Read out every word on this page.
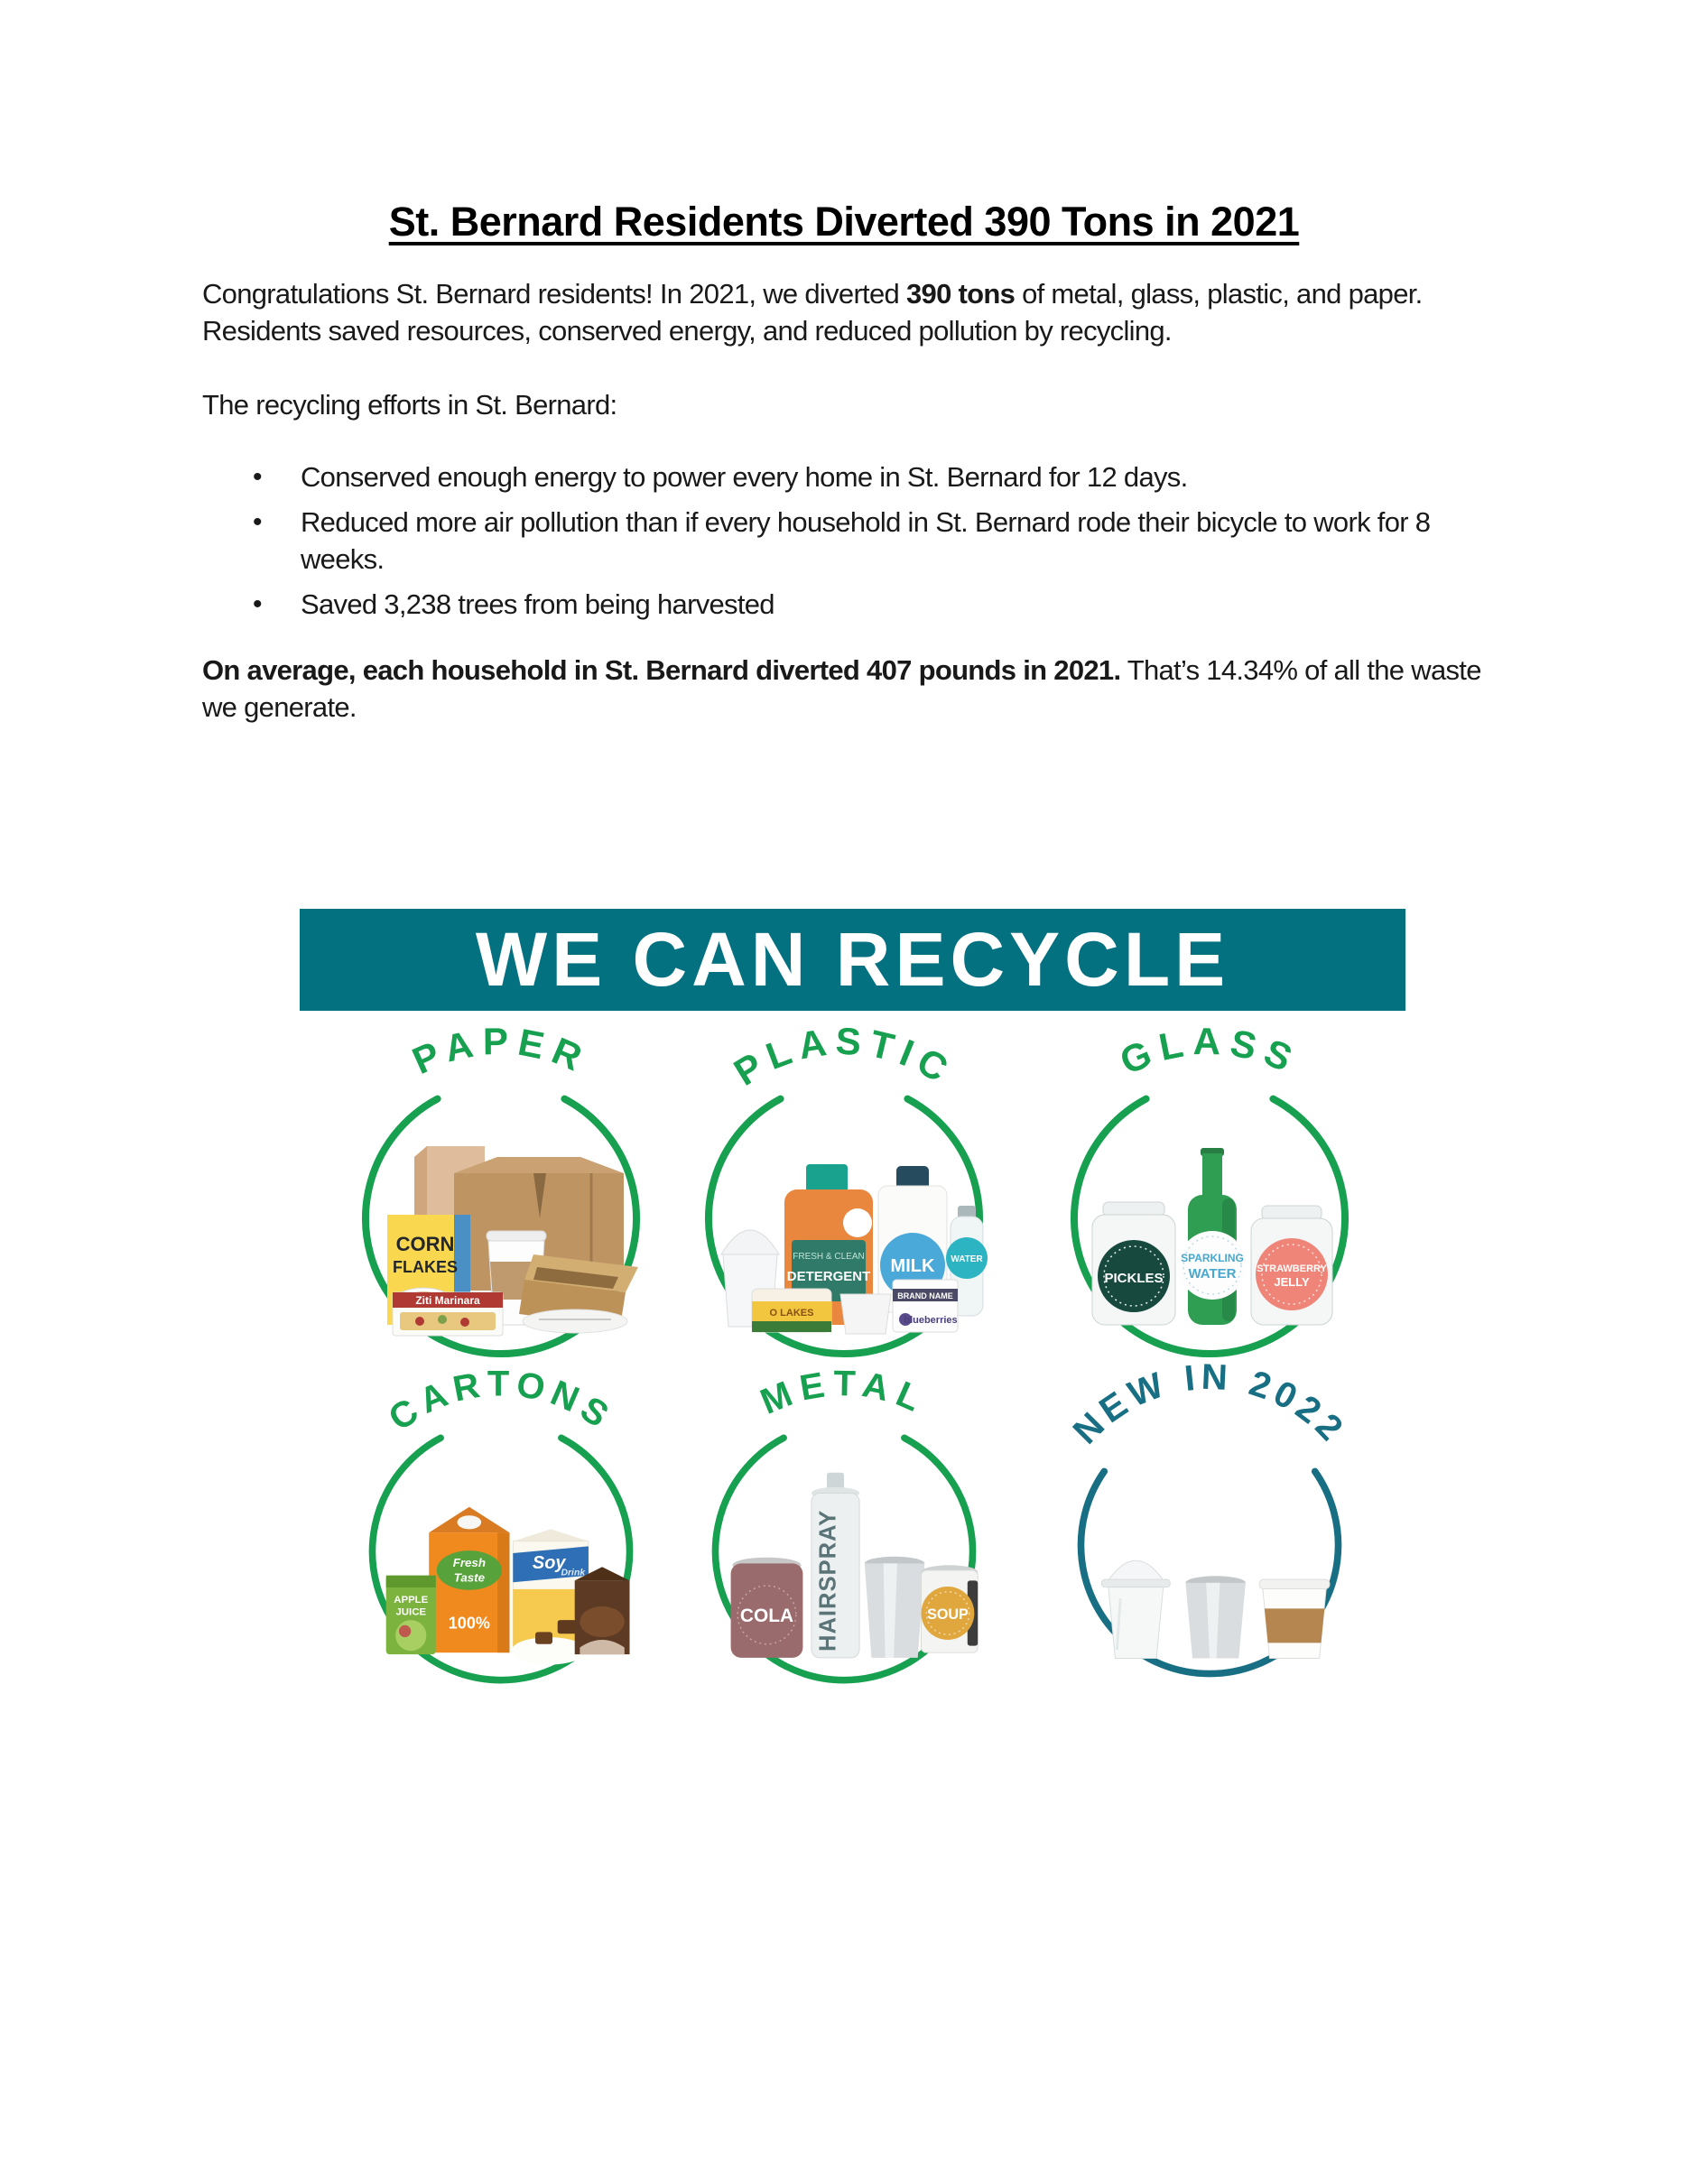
St. Bernard Residents Diverted 390 Tons in 2021

Congratulations St. Bernard residents! In 2021, we diverted 390 tons of metal, glass, plastic, and paper. Residents saved resources, conserved energy, and reduced pollution by recycling.

The recycling efforts in St. Bernard:

• Conserved enough energy to power every home in St. Bernard for 12 days.
• Reduced more air pollution than if every household in St. Bernard rode their bicycle to work for 8 weeks.
• Saved 3,238 trees from being harvested

On average, each household in St. Bernard diverted 407 pounds in 2021. That’s 14.34% of all the waste we generate.

WE CAN RECYCLE
PAPER
CORN
FLAKES
Ziti Marinara
PLASTIC
FRESH & CLEAN
DETERGENT
MILK WATER
O LAKES
BRAND NAME
blueberries
GLASS
PICKLES
SPARKLING
WATER STRAWBERRY
JELLY
CARTONS
Fresh
Taste
100%
Soy
Drink
APPLE
JUICE
METAL
COLA HAIRSPRAY	SOUP
NEW IN 2022
